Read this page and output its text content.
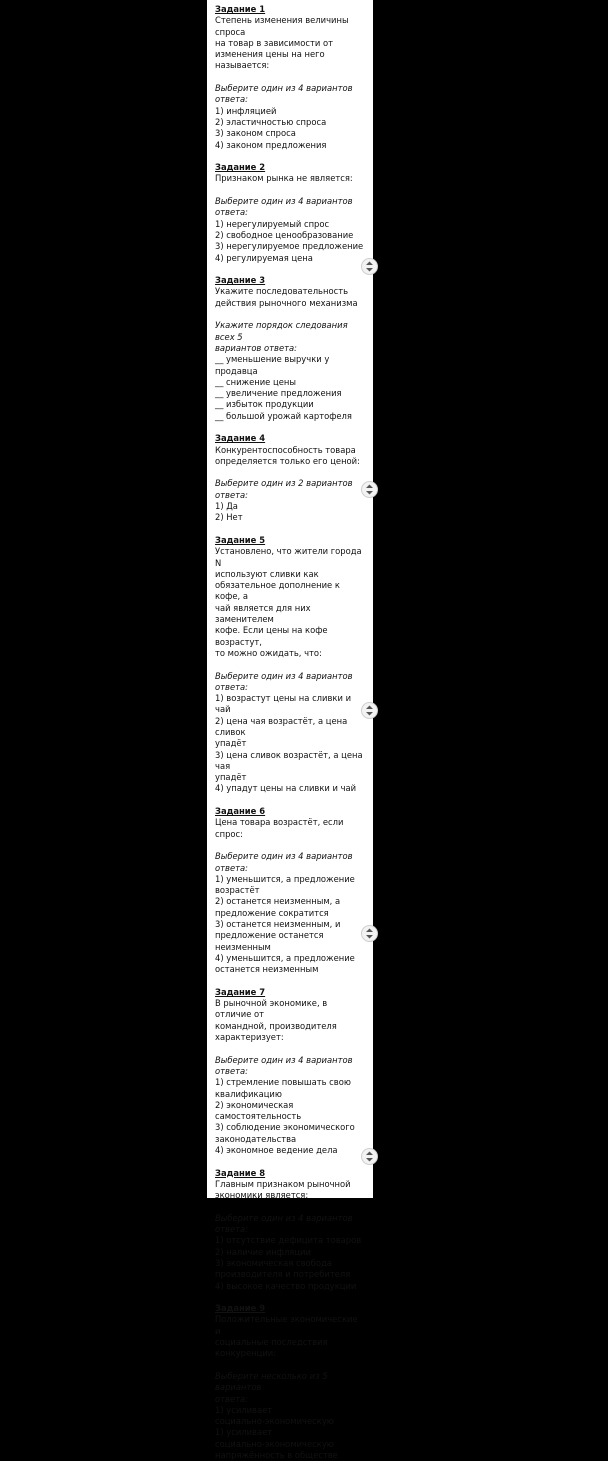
Задание 1
Степень изменения величины спроса
на товар в зависимости от
изменения цены на него называется:
Выберите один из 4 вариантов ответа:
1) инфляцией
2) эластичностью спроса
3) законом спроса
4) законом предложения
Задание 2
Признаком рынка не является:
Выберите один из 4 вариантов ответа:
1) нерегулируемый спрос
2) свободное ценообразование
3) нерегулируемое предложение
4) регулируемая цена
Задание 3
Укажите последовательность
действия рыночного механизма
Укажите порядок следования всех 5
вариантов ответа:
__ уменьшение выручки у продавца
__ снижение цены
__ увеличение предложения
__ избыток продукции
__ большой урожай картофеля
Задание 4
Конкурентоспособность товара
определяется только его ценой:
Выберите один из 2 вариантов ответа:
1) Да
2) Нет
Задание 5
Установлено, что жители города N
используют сливки как
обязательное дополнение к кофе, а
чай является для них заменителем
кофе. Если цены на кофе возрастут,
то можно ожидать, что:
Выберите один из 4 вариантов ответа:
1) возрастут цены на сливки и чай
2) цена чая возрастёт, а цена сливок
упадёт
3) цена сливок возрастёт, а цена чая
упадёт
4) упадут цены на сливки и чай
Задание 6
Цена товара возрастёт, если спрос:
Выберите один из 4 вариантов ответа:
1) уменьшится, а предложение
возрастёт
2) останется неизменным, а
предложение сократится
3) останется неизменным, и
предложение останется неизменным
4) уменьшится, а предложение
останется неизменным
Задание 7
В рыночной экономике, в отличие от
командной, производителя
характеризует:
Выберите один из 4 вариантов ответа:
1) стремление повышать свою
квалификацию
2) экономическая
самостоятельность
3) соблюдение экономического
законодательства
4) экономное ведение дела
Задание 8
Главным признаком рыночной
экономики является:
Выберите один из 4 вариантов ответа:
1) отсутствие дефицита товаров
2) наличие инфляции
3) экономическая свобода
производителя и потребителя
4) высокое качество продукции
Задание 9
Положительные экономические и
социальные последствия
конкуренции:
Выберите несколько из 5 вариантов
ответа:
1) усиливает
социально-экономическую
1) усиливает
социально-экономическую
напряжённость в обществе
